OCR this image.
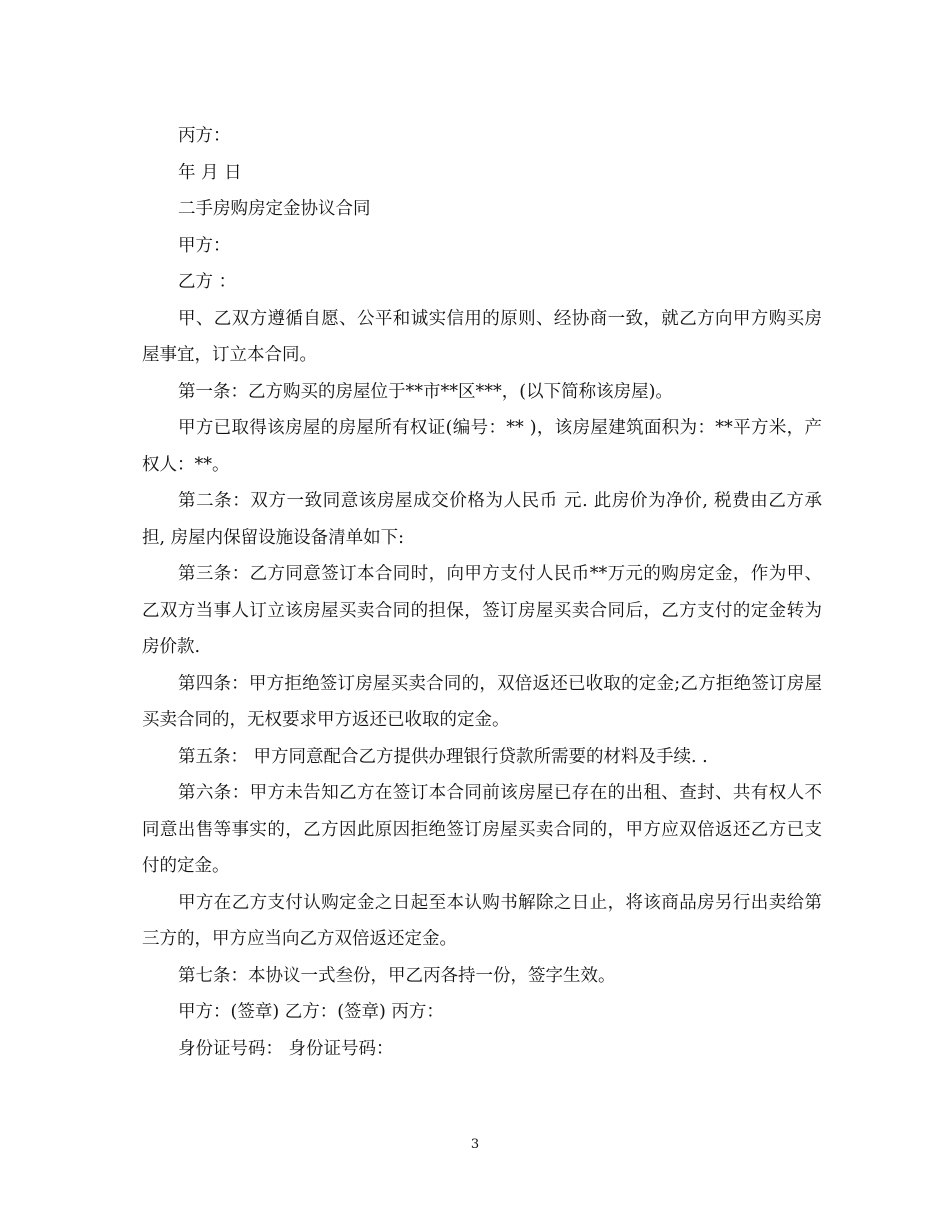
丙方：
年 月 日
二手房购房定金协议合同
甲方：
乙方 ：
甲、乙双方遵循自愿、公平和诚实信用的原则、经协商一致，就乙方向甲方购买房屋事宜，订立本合同。
第一条：乙方购买的房屋位于**市**区***，(以下简称该房屋)。
甲方已取得该房屋的房屋所有权证(编号：** )，该房屋建筑面积为：**平方米，产权人：**。
第二条：双方一致同意该房屋成交价格为人民币 元. 此房价为净价, 税费由乙方承担, 房屋内保留设施设备清单如下:
第三条：乙方同意签订本合同时，向甲方支付人民币**万元的购房定金，作为甲、乙双方当事人订立该房屋买卖合同的担保，签订房屋买卖合同后，乙方支付的定金转为房价款.
第四条：甲方拒绝签订房屋买卖合同的，双倍返还已收取的定金;乙方拒绝签订房屋买卖合同的，无权要求甲方返还已收取的定金。
第五条： 甲方同意配合乙方提供办理银行贷款所需要的材料及手续. .
第六条：甲方未告知乙方在签订本合同前该房屋已存在的出租、查封、共有权人不同意出售等事实的，乙方因此原因拒绝签订房屋买卖合同的，甲方应双倍返还乙方已支付的定金。
甲方在乙方支付认购定金之日起至本认购书解除之日止，将该商品房另行出卖给第三方的，甲方应当向乙方双倍返还定金。
第七条：本协议一式叁份，甲乙丙各持一份，签字生效。
甲方：(签章) 乙方：(签章) 丙方：
身份证号码： 身份证号码：
3
